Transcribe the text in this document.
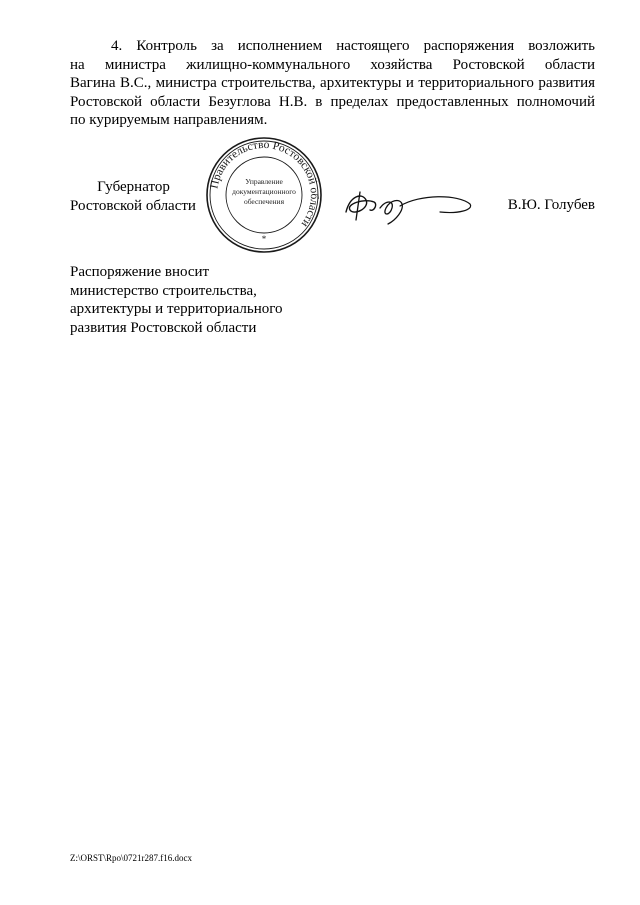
4. Контроль за исполнением настоящего распоряжения возложить
на министра жилищно-коммунального хозяйства Ростовской области
Вагина В.С., министра строительства, архитектуры и территориального развития
Ростовской области Безуглова Н.В. в пределах предоставленных полномочий
по курируемым направлениям.
Губернатор
Ростовской области
Правительство Ростовской области
Управление
документационного
обеспечения
*
В.Ю. Голубев
Распоряжение вносит
министерство строительства,
архитектуры и территориального
развития Ростовской области
Z:\ORST\Rpo\0721r287.f16.docx
